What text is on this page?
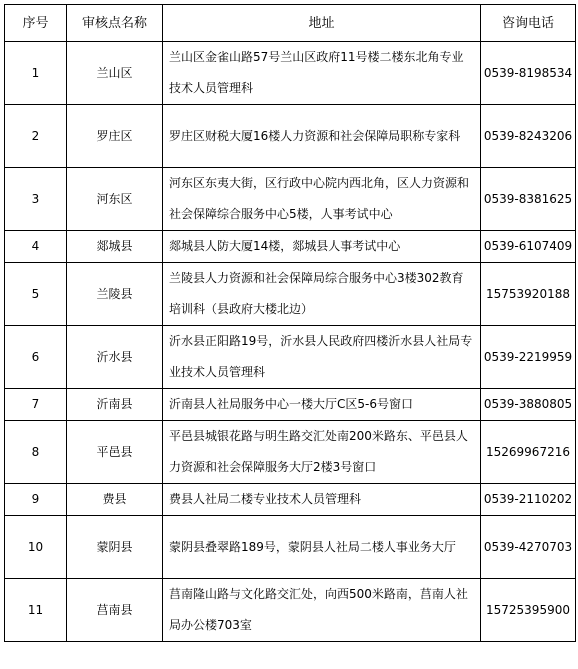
序号	审核点名称	地址	咨询电话
1	兰山区	兰山区金雀山路57号兰山区政府11号楼二楼东北角专业技术人员管理科	0539-8198534
2	罗庄区	罗庄区财税大厦16楼人力资源和社会保障局职称专家科	0539-8243206
3	河东区	河东区东夷大街，区行政中心院内西北角，区人力资源和社会保障综合服务中心5楼，人事考试中心	0539-8381625
4	郯城县	郯城县人防大厦14楼，郯城县人事考试中心	0539-6107409
5	兰陵县	兰陵县人力资源和社会保障局综合服务中心3楼302教育培训科（县政府大楼北边）	15753920188
6	沂水县	沂水县正阳路19号，沂水县人民政府四楼沂水县人社局专业技术人员管理科	0539-2219959
7	沂南县	沂南县人社局服务中心一楼大厅C区5-6号窗口	0539-3880805
8	平邑县	平邑县城银花路与明生路交汇处南200米路东、平邑县人力资源和社会保障服务大厅2楼3号窗口	15269967216
9	费县	费县人社局二楼专业技术人员管理科	0539-2110202
10	蒙阴县	蒙阴县叠翠路189号，蒙阴县人社局二楼人事业务大厅	0539-4270703
11	莒南县	莒南隆山路与文化路交汇处，向西500米路南，莒南人社局办公楼703室	15725395900
